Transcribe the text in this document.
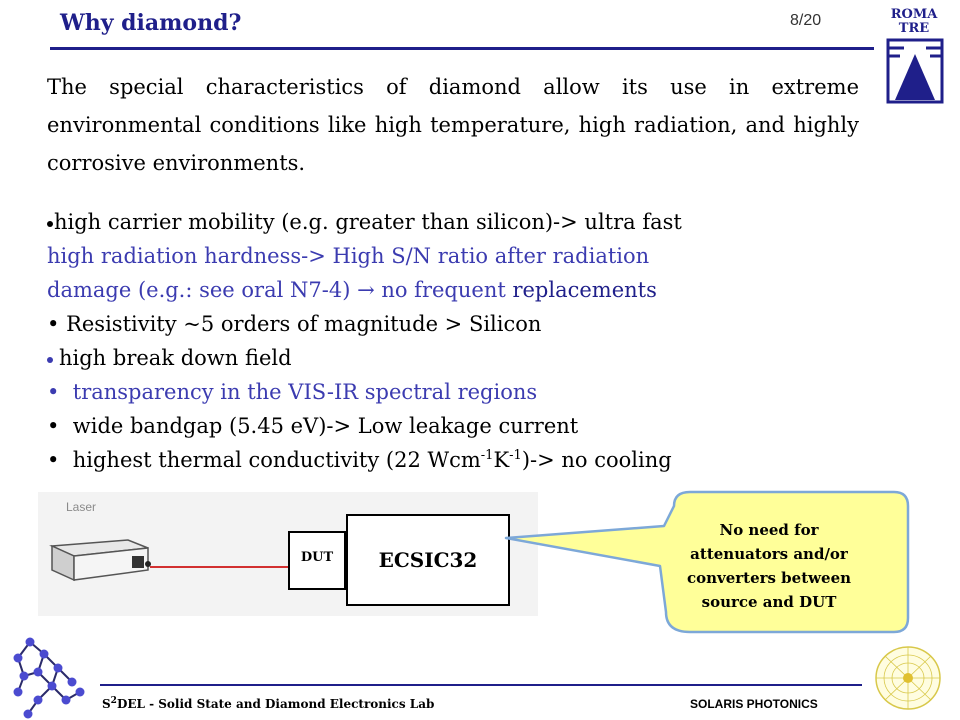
Why diamond?	8/20	ROMA
TRE
The special characteristics of diamond allow its use in extreme environmental conditions like high temperature, high radiation, and highly corrosive environments.
high carrier mobility (e.g. greater than silicon)-> ultra fast
high radiation hardness-> High S/N ratio after radiation
damage (e.g.: see oral N7-4) → no frequent replacements
• Resistivity ~5 orders of magnitude > Silicon
high break down field
•  transparency in the VIS-IR spectral regions
•  wide bandgap (5.45 eV)-> Low leakage current
•  highest thermal conductivity (22 $Wcm^{-1}K^{-1})->$ no cooling
Laser
DUT	ECSIC32
No need for
attenuators and/or
converters between
source and DUT
$S^2DEL$ - Solid State and Diamond Electronics Lab	SOLARIS PHOTONICS
